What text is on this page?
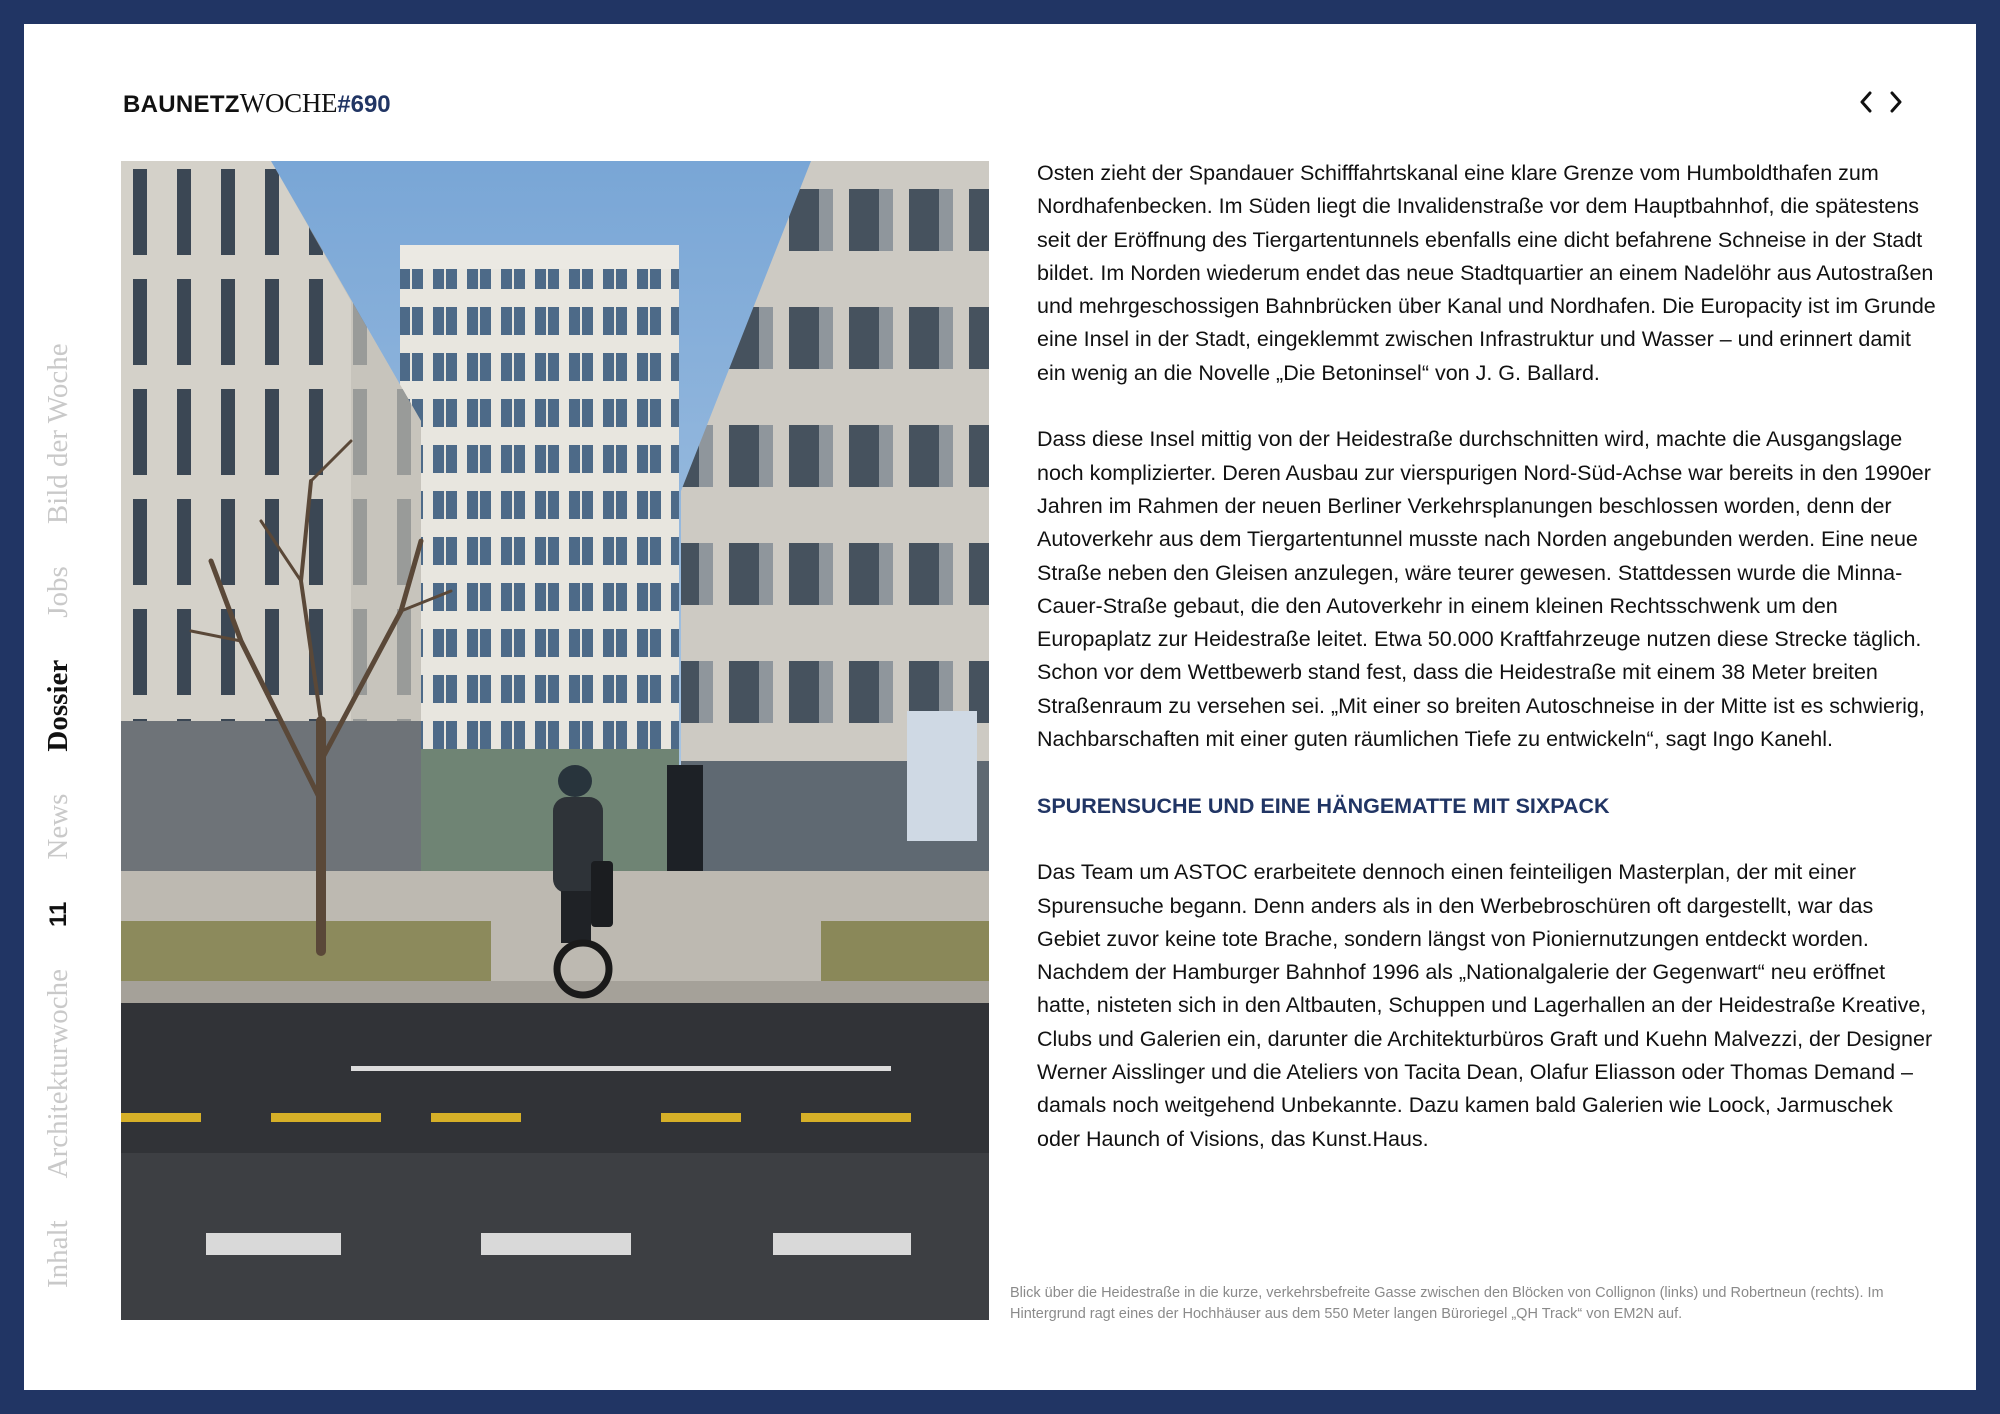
BAUNETZWOCHE#690
Inhalt
Architekturwoche
11
News
Dossier
Jobs
Bild der Woche

Osten zieht der Spandauer Schifffahrtskanal eine klare Grenze vom Humboldthafen zum Nordhafenbecken. Im Süden liegt die Invalidenstraße vor dem Hauptbahnhof, die spätestens seit der Eröffnung des Tiergartentunnels ebenfalls eine dicht befahrene Schneise in der Stadt bildet. Im Norden wiederum endet das neue Stadtquartier an einem Nadelöhr aus Autostraßen und mehrgeschossigen Bahnbrücken über Kanal und Nordhafen. Die Europacity ist im Grunde eine Insel in der Stadt, eingeklemmt zwischen Infrastruktur und Wasser – und erinnert damit ein wenig an die Novelle „Die Betoninsel“ von J. G. Ballard.

Dass diese Insel mittig von der Heidestraße durchschnitten wird, machte die Ausgangslage noch komplizierter. Deren Ausbau zur vierspurigen Nord-Süd-Achse war bereits in den 1990er Jahren im Rahmen der neuen Berliner Verkehrsplanungen beschlossen worden, denn der Autoverkehr aus dem Tiergartentunnel musste nach Norden angebunden werden. Eine neue Straße neben den Gleisen anzulegen, wäre teurer gewesen. Stattdessen wurde die Minna-Cauer-Straße gebaut, die den Autoverkehr in einem kleinen Rechtsschwenk um den Europaplatz zur Heidestraße leitet. Etwa 50.000 Kraftfahrzeuge nutzen diese Strecke täglich. Schon vor dem Wettbewerb stand fest, dass die Heidestraße mit einem 38 Meter breiten Straßenraum zu versehen sei. „Mit einer so breiten Autoschneise in der Mitte ist es schwierig, Nachbarschaften mit einer guten räumlichen Tiefe zu entwickeln“, sagt Ingo Kanehl.

SPURENSUCHE UND EINE HÄNGEMATTE MIT SIXPACK

Das Team um ASTOC erarbeitete dennoch einen feinteiligen Masterplan, der mit einer Spurensuche begann. Denn anders als in den Werbebroschüren oft dargestellt, war das Gebiet zuvor keine tote Brache, sondern längst von Pioniernutzungen entdeckt worden. Nachdem der Hamburger Bahnhof 1996 als „Nationalgalerie der Gegenwart“ neu eröffnet hatte, nisteten sich in den Altbauten, Schuppen und Lagerhallen an der Heidestraße Kreative, Clubs und Galerien ein, darunter die Architekturbüros Graft und Kuehn Malvezzi, der Designer Werner Aisslinger und die Ateliers von Tacita Dean, Olafur Eliasson oder Thomas Demand – damals noch weitgehend Unbekannte. Dazu kamen bald Galerien wie Loock, Jarmuschek oder Haunch of Visions, das Kunst.Haus.

Blick über die Heidestraße in die kurze, verkehrsbefreite Gasse zwischen den Blöcken von Collignon (links) und Robertneun (rechts). Im Hintergrund ragt eines der Hochhäuser aus dem 550 Meter langen Büroriegel „QH Track“ von EM2N auf.
